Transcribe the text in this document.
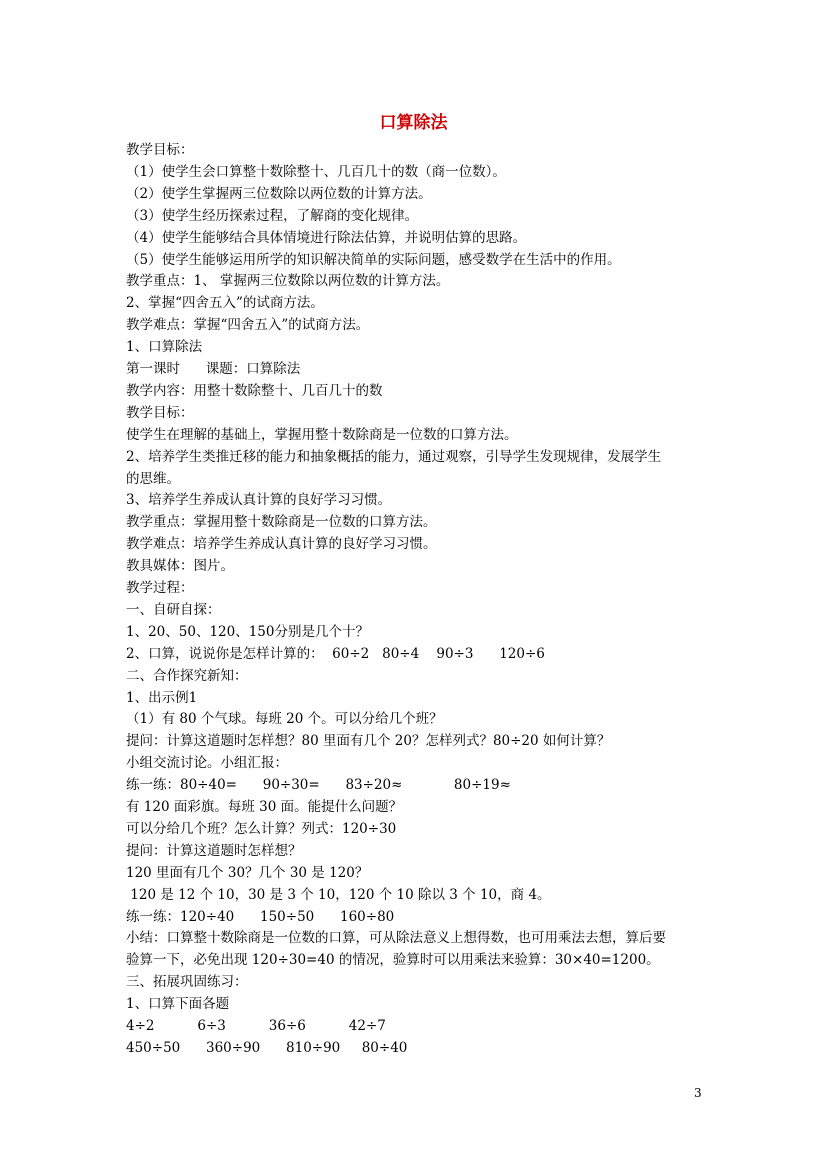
口算除法
教学目标：
（1）使学生会口算整十数除整十、几百几十的数（商一位数）。
（2）使学生掌握两三位数除以两位数的计算方法。
（3）使学生经历探索过程，了解商的变化规律。
（4）使学生能够结合具体情境进行除法估算，并说明估算的思路。
（5）使学生能够运用所学的知识解决简单的实际问题，感受数学在生活中的作用。
教学重点：1、 掌握两三位数除以两位数的计算方法。
2、掌握“四舍五入”的试商方法。
教学难点：掌握“四舍五入”的试商方法。
1、口算除法
第一课时      课题：口算除法
教学内容：用整十数除整十、几百几十的数
教学目标：
使学生在理解的基础上，掌握用整十数除商是一位数的口算方法。
2、培养学生类推迁移的能力和抽象概括的能力，通过观察，引导学生发现规律，发展学生
的思维。
3、培养学生养成认真计算的良好学习习惯。
教学重点：掌握用整十数除商是一位数的口算方法。
教学难点：培养学生养成认真计算的良好学习习惯。
教具媒体：图片。
教学过程：
一、自研自探：
1、20、50、120、150分别是几个十？
2、口算，说说你是怎样计算的：  60÷2   80÷4    90÷3      120÷6
二、合作探究新知：
1、出示例1
（1）有 80 个气球。每班 20 个。可以分给几个班？
提问：计算这道题时怎样想？80 里面有几个 20？怎样列式？80÷20 如何计算？
小组交流讨论。小组汇报：
练一练：80÷40=      90÷30=      83÷20≈            80÷19≈
有 120 面彩旗。每班 30 面。能提什么问题？
可以分给几个班？怎么计算？列式：120÷30
提问：计算这道题时怎样想？
120 里面有几个 30？几个 30 是 120？
120 是 12 个 10，30 是 3 个 10，120 个 10 除以 3 个 10，商 4。
练一练：120÷40      150÷50      160÷80
小结：口算整十数除商是一位数的口算，可从除法意义上想得数，也可用乘法去想，算后要
验算一下，必免出现 120÷30=40 的情况，验算时可以用乘法来验算：30×40=1200。
三、拓展巩固练习：
1、口算下面各题
4÷2          6÷3          36÷6          42÷7
450÷50      360÷90      810÷90     80÷40
3
